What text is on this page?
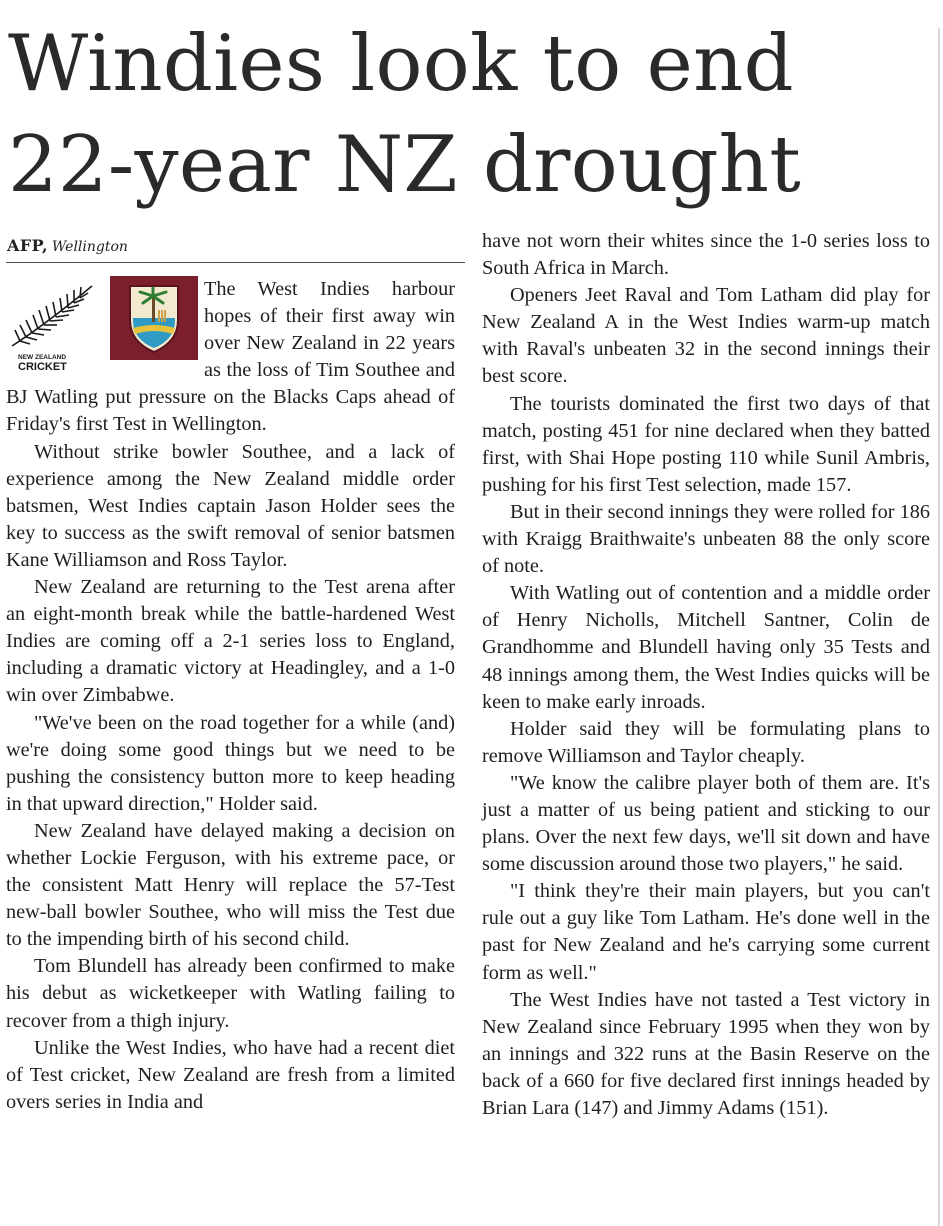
Windies look to end
22-year NZ drought
AFP, Wellington
NEW ZEALAND
CRICKET

The West Indies harbour hopes of their first away win over New Zealand in 22 years as the loss of Tim Southee and BJ Watling put pressure on the Blacks Caps ahead of Friday's first Test in Wellington.

Without strike bowler Southee, and a lack of experience among the New Zealand middle order batsmen, West Indies captain Jason Holder sees the key to success as the swift removal of senior batsmen Kane Williamson and Ross Taylor.

New Zealand are returning to the Test arena after an eight-month break while the battle-hardened West Indies are coming off a 2-1 series loss to England, including a dramatic victory at Headingley, and a 1-0 win over Zimbabwe.

"We've been on the road together for a while (and) we're doing some good things but we need to be pushing the consistency button more to keep heading in that upward direction," Holder said.

New Zealand have delayed making a decision on whether Lockie Ferguson, with his extreme pace, or the consistent Matt Henry will replace the 57-Test new-ball bowler Southee, who will miss the Test due to the impending birth of his second child.

Tom Blundell has already been confirmed to make his debut as wicketkeeper with Watling failing to recover from a thigh injury.

Unlike the West Indies, who have had a recent diet of Test cricket, New Zealand are fresh from a limited overs series in India and

have not worn their whites since the 1-0 series loss to South Africa in March.

Openers Jeet Raval and Tom Latham did play for New Zealand A in the West Indies warm-up match with Raval's unbeaten 32 in the second innings their best score.

The tourists dominated the first two days of that match, posting 451 for nine declared when they batted first, with Shai Hope posting 110 while Sunil Ambris, pushing for his first Test selection, made 157.

But in their second innings they were rolled for 186 with Kraigg Braithwaite's unbeaten 88 the only score of note.

With Watling out of contention and a middle order of Henry Nicholls, Mitchell Santner, Colin de Grandhomme and Blundell having only 35 Tests and 48 innings among them, the West Indies quicks will be keen to make early inroads.

Holder said they will be formulating plans to remove Williamson and Taylor cheaply.

"We know the calibre player both of them are. It's just a matter of us being patient and sticking to our plans. Over the next few days, we'll sit down and have some discussion around those two players," he said.

"I think they're their main players, but you can't rule out a guy like Tom Latham. He's done well in the past for New Zealand and he's carrying some current form as well."

The West Indies have not tasted a Test victory in New Zealand since February 1995 when they won by an innings and 322 runs at the Basin Reserve on the back of a 660 for five declared first innings headed by Brian Lara (147) and Jimmy Adams (151).
